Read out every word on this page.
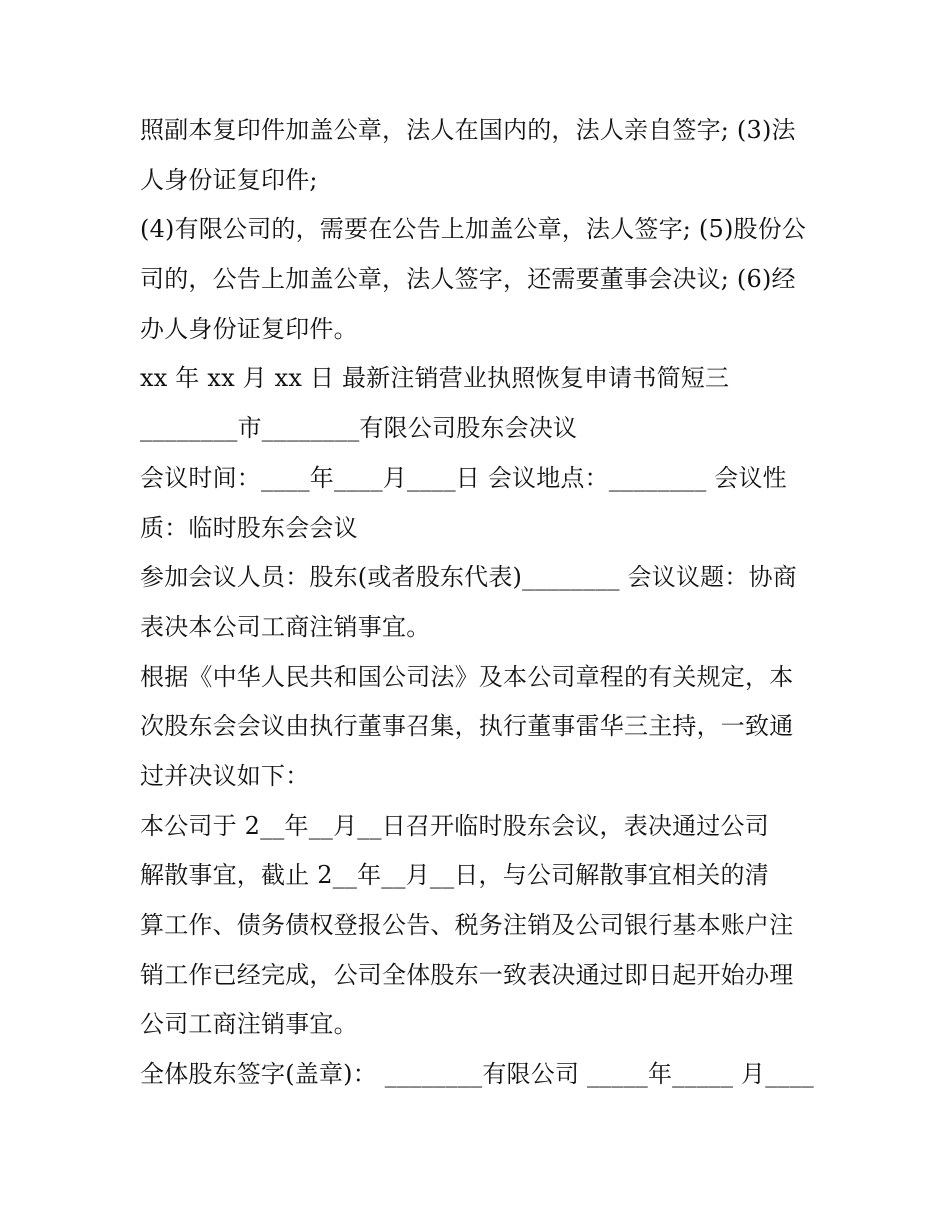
照副本复印件加盖公章，法人在国内的，法人亲自签字; (3)法
人身份证复印件;
(4)有限公司的，需要在公告上加盖公章，法人签字; (5)股份公
司的，公告上加盖公章，法人签字，还需要董事会决议; (6)经
办人身份证复印件。
xx 年 xx 月 xx 日 最新注销营业执照恢复申请书简短三
________市________有限公司股东会决议
会议时间：____年____月____日 会议地点：________ 会议性
质：临时股东会会议
参加会议人员：股东(或者股东代表)________ 会议议题：协商
表决本公司工商注销事宜。
根据《中华人民共和国公司法》及本公司章程的有关规定，本
次股东会会议由执行董事召集，执行董事雷华三主持，一致通
过并决议如下：
本公司于 2__年__月__日召开临时股东会议，表决通过公司
解散事宜，截止 2__年__月__日，与公司解散事宜相关的清
算工作、债务债权登报公告、税务注销及公司银行基本账户注
销工作已经完成，公司全体股东一致表决通过即日起开始办理
公司工商注销事宜。
全体股东签字(盖章)： ________有限公司 _____年_____ 月____
